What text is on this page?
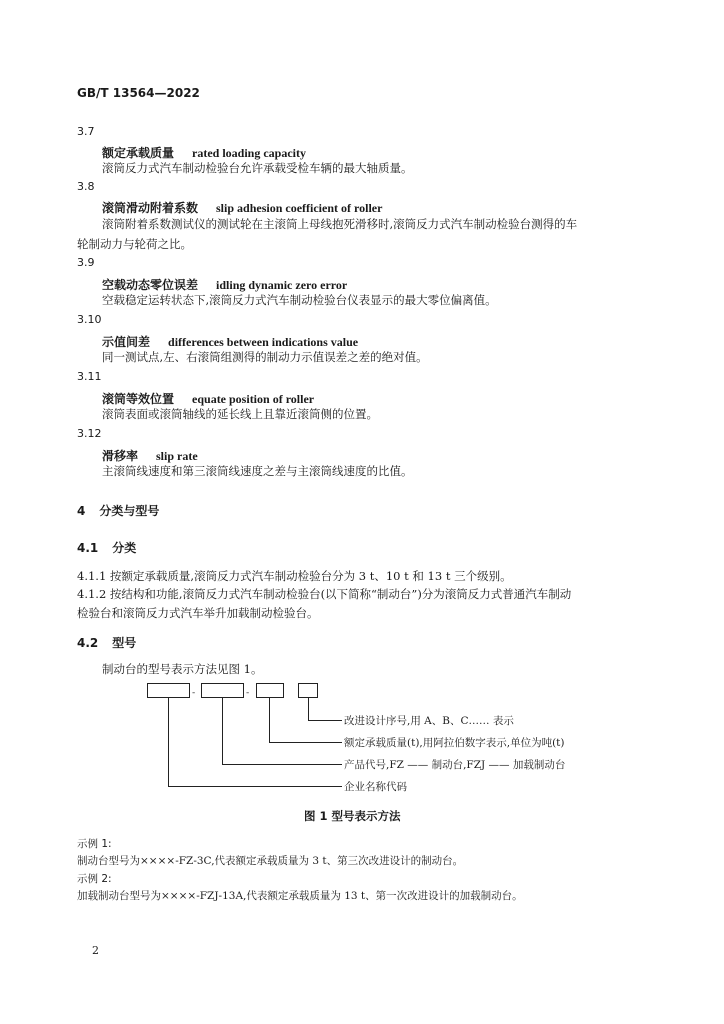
GB/T 13564—2022
3.7
额定承载质量 rated loading capacity
滚筒反力式汽车制动检验台允许承载受检车辆的最大轴质量。
3.8
滚筒滑动附着系数 slip adhesion coefficient of roller
滚筒附着系数测试仪的测试轮在主滚筒上母线抱死滑移时,滚筒反力式汽车制动检验台测得的车
轮制动力与轮荷之比。
3.9
空载动态零位误差 idling dynamic zero error
空载稳定运转状态下,滚筒反力式汽车制动检验台仪表显示的最大零位偏离值。
3.10
示值间差 differences between indications value
同一测试点,左、右滚筒组测得的制动力示值误差之差的绝对值。
3.11
滚筒等效位置 equate position of roller
滚筒表面或滚筒轴线的延长线上且靠近滚筒侧的位置。
3.12
滑移率 slip rate
主滚筒线速度和第三滚筒线速度之差与主滚筒线速度的比值。
4 分类与型号
4.1 分类
4.1.1 按额定承载质量,滚筒反力式汽车制动检验台分为 3 t、10 t 和 13 t 三个级别。
4.1.2 按结构和功能,滚筒反力式汽车制动检验台(以下简称“制动台”)分为滚筒反力式普通汽车制动
检验台和滚筒反力式汽车举升加载制动检验台。
4.2 型号
制动台的型号表示方法见图 1。
-	-
改进设计序号,用 A、B、C…… 表示
额定承载质量(t),用阿拉伯数字表示,单位为吨(t)
产品代号,FZ —— 制动台,FZJ —— 加载制动台
企业名称代码
图 1 型号表示方法
示例 1:
制动台型号为××××-FZ-3C,代表额定承载质量为 3 t、第三次改进设计的制动台。
示例 2:
加载制动台型号为××××-FZJ-13A,代表额定承载质量为 13 t、第一次改进设计的加载制动台。
2
